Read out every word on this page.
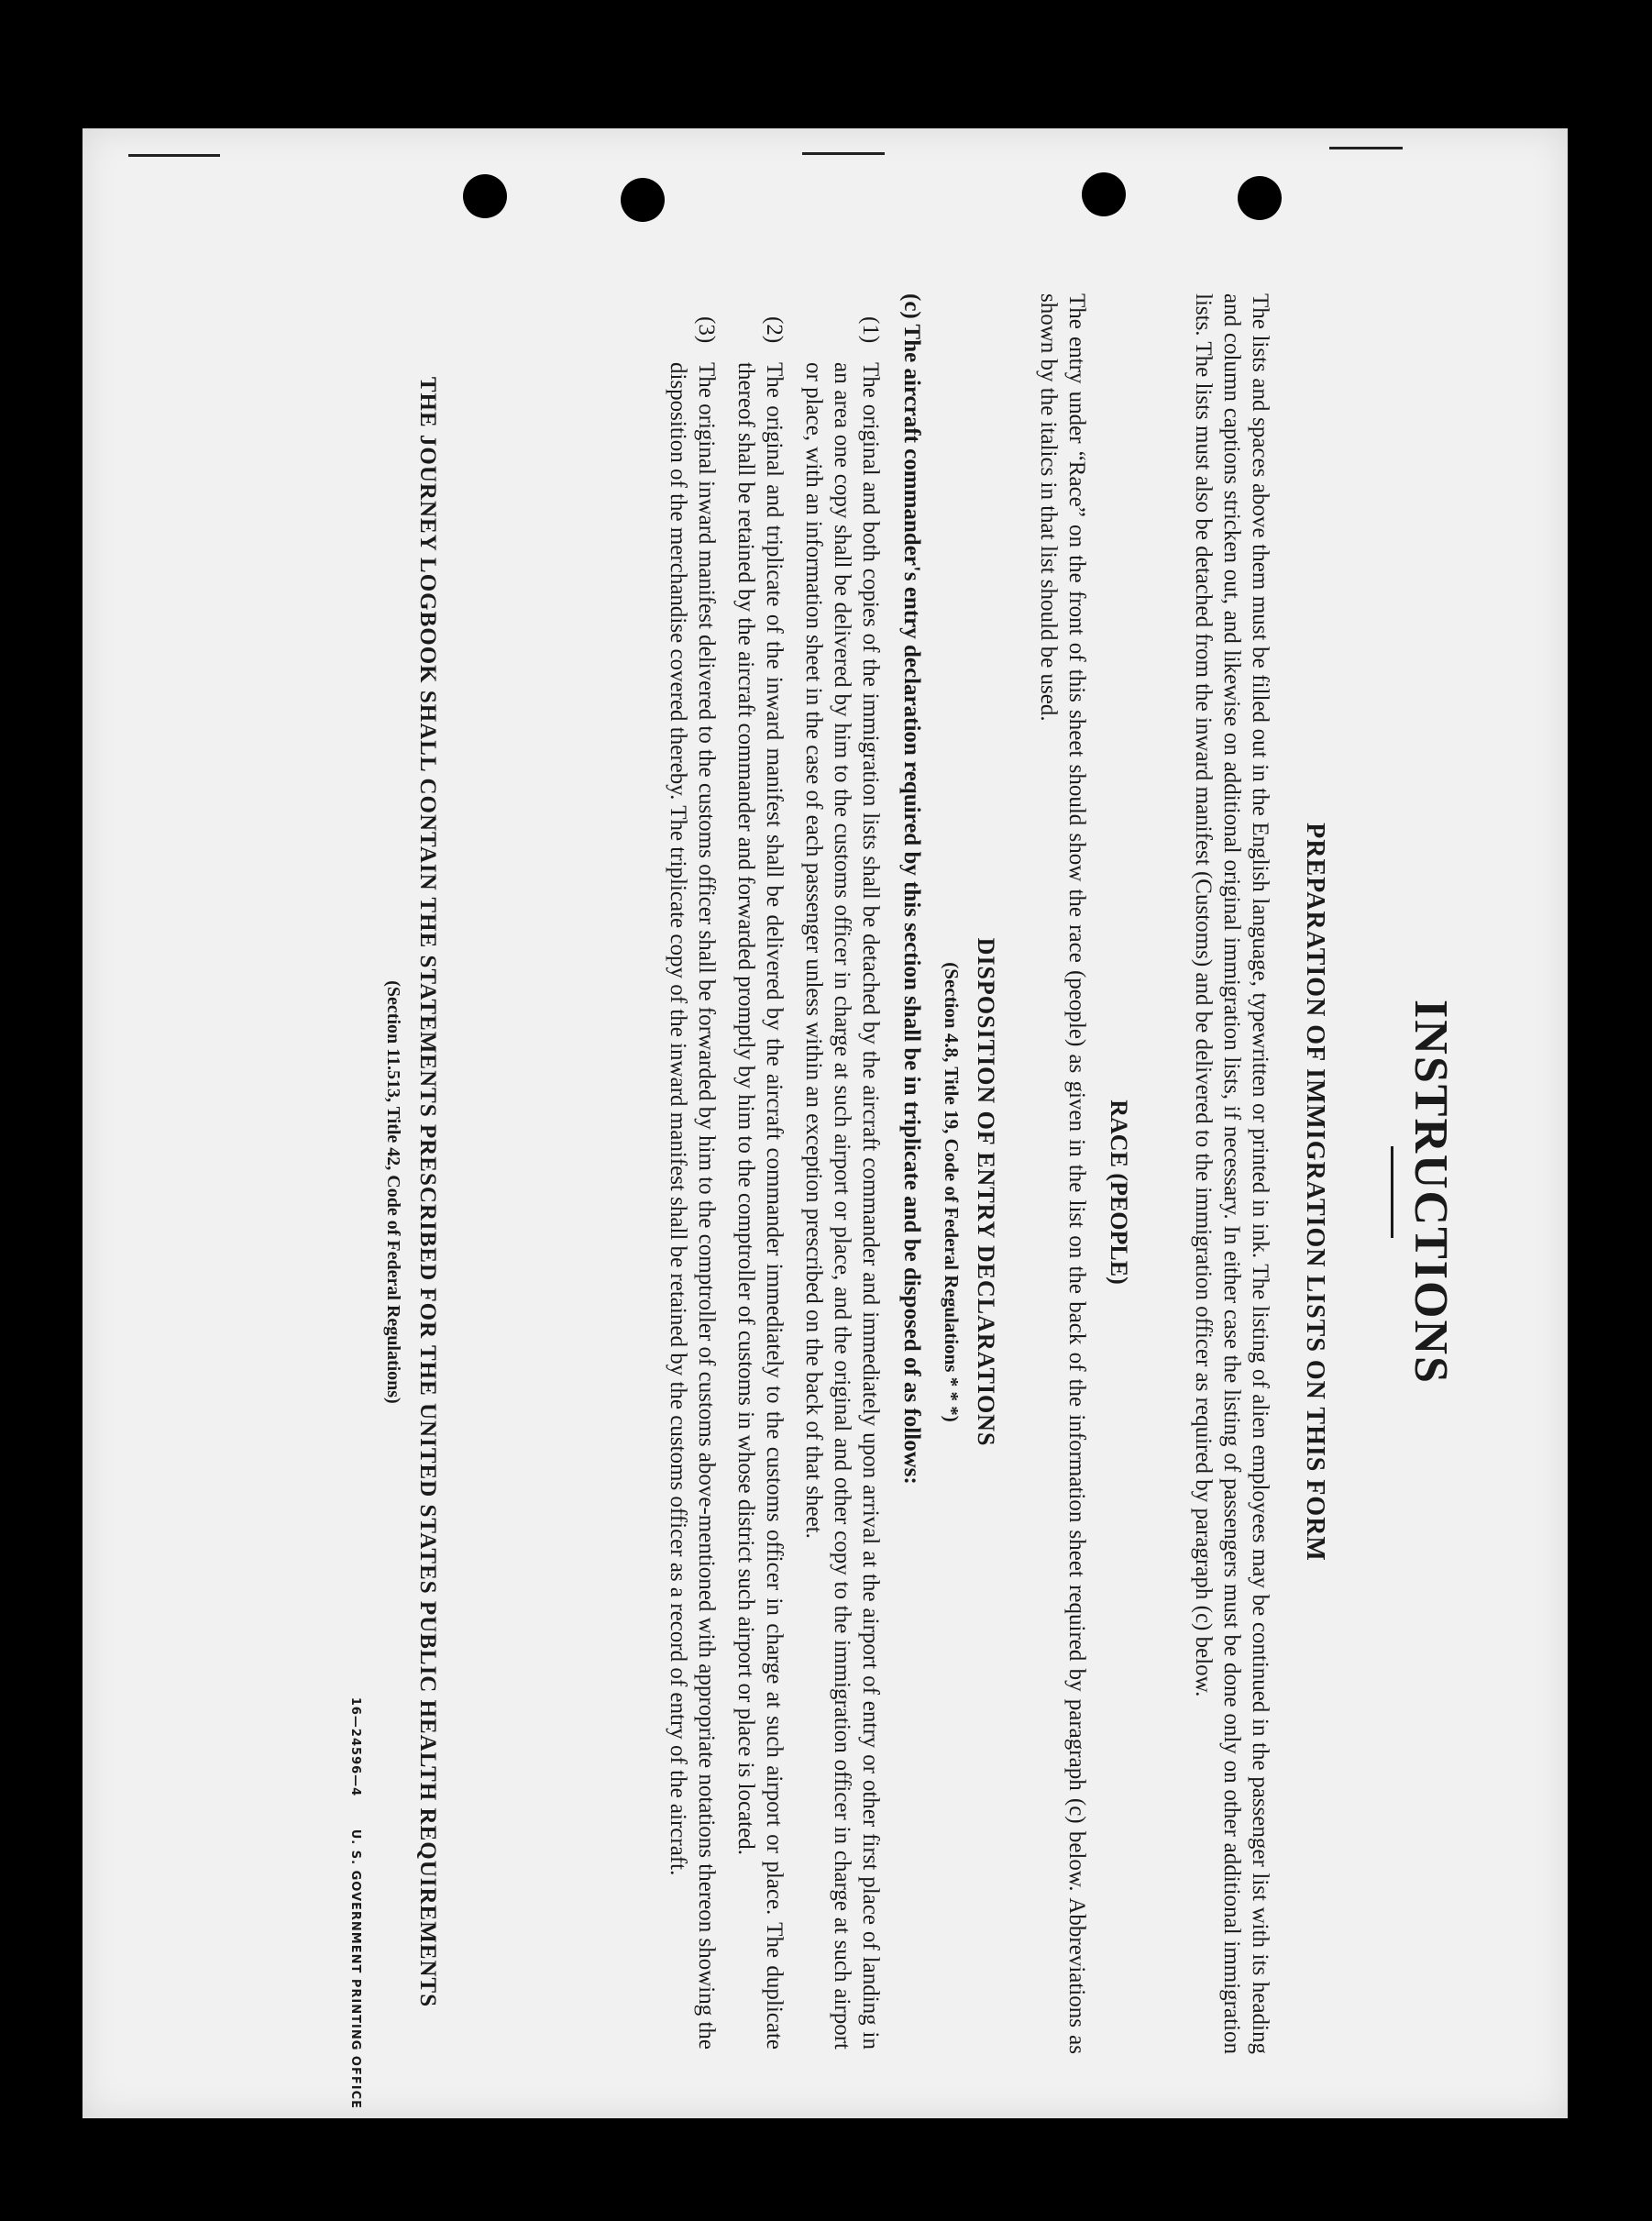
INSTRUCTIONS
PREPARATION OF IMMIGRATION LISTS ON THIS FORM
The lists and spaces above them must be filled out in the English language, typewritten or printed in ink. The listing of alien employees may be continued in the passenger list with its heading and column captions stricken out, and likewise on additional original immigration lists, if necessary. In either case the listing of passengers must be done only on other additional immigration lists. The lists must also be detached from the inward manifest (Customs) and be delivered to the immigration officer as required by paragraph (c) below.
RACE (PEOPLE)
The entry under “Race” on the front of this sheet should show the race (people) as given in the list on the back of the information sheet required by paragraph (c) below. Abbreviations as shown by the italics in that list should be used.
DISPOSITION OF ENTRY DECLARATIONS
(Section 4.8, Title 19, Code of Federal Regulations * * *)
(c) The aircraft commander's entry declaration required by this section shall be in triplicate and be disposed of as follows:
(1)
The original and both copies of the immigration lists shall be detached by the aircraft commander and immediately upon arrival at the airport of entry or other first place of landing in an area one copy shall be delivered by him to the customs officer in charge at such airport or place, and the original and other copy to the immigration officer in charge at such airport or place, with an information sheet in the case of each passenger unless within an exception prescribed on the back of that sheet.
(2)
The original and triplicate of the inward manifest shall be delivered by the aircraft commander immediately to the customs officer in charge at such airport or place. The duplicate thereof shall be retained by the aircraft commander and forwarded promptly by him to the comptroller of customs in whose district such airport or place is located.
(3)
The original inward manifest delivered to the customs officer shall be forwarded by him to the comptroller of customs above-mentioned with appropriate notations thereon showing the disposition of the merchandise covered thereby. The triplicate copy of the inward manifest shall be retained by the customs officer as a record of entry of the aircraft.
THE JOURNEY LOGBOOK SHALL CONTAIN THE STATEMENTS PRESCRIBED FOR THE UNITED STATES PUBLIC HEALTH REQUIREMENTS
(Section 11.513, Title 42, Code of Federal Regulations)
16—24596—4 U. S. GOVERNMENT PRINTING OFFICE
